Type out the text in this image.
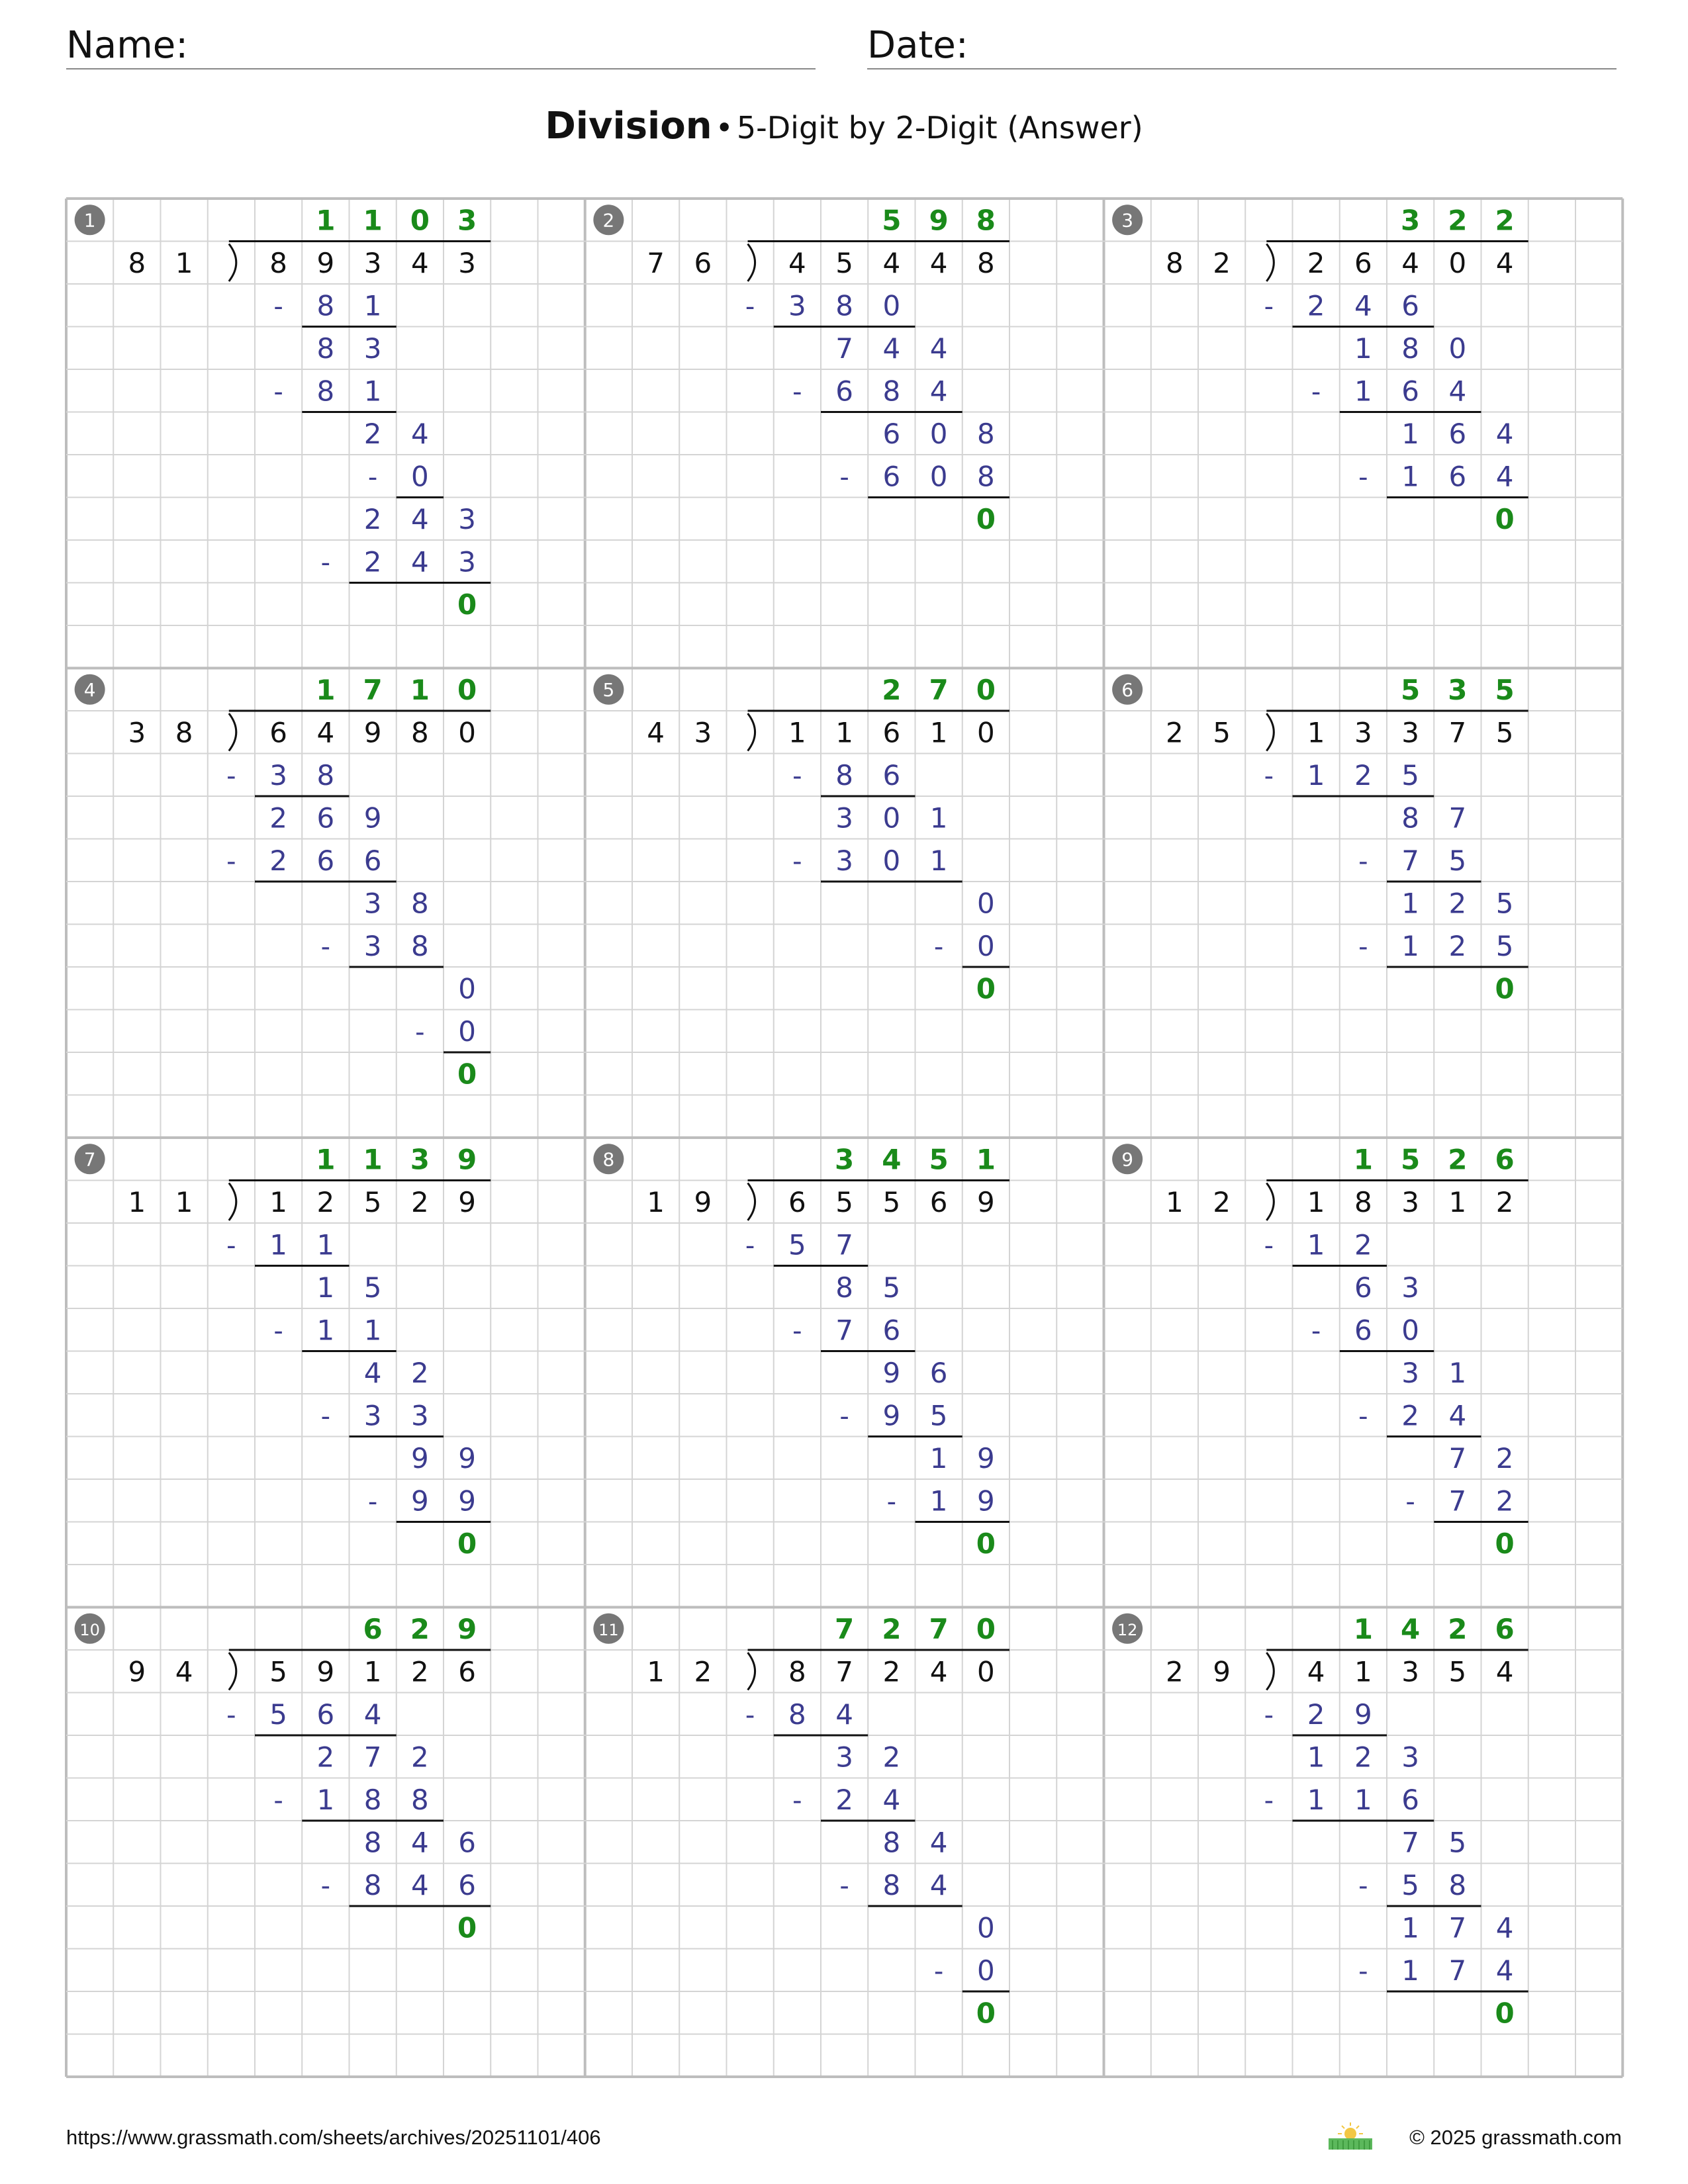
Name:	Date:
Division • 5-Digit by 2-Digit (Answer)
1	1 1 0 3
8 1	8 9 3 4 3
- 8 1
8 3
- 8 1
2 4
- 0
2 4 3
- 2 4 3
0
2	5 9 8
7 6	4 5 4 4 8
- 3 8 0
7 4 4
- 6 8 4
6 0 8
- 6 0 8
0
3	3 2 2
8 2	2 6 4 0 4
- 2 4 6
1 8 0
- 1 6 4
1 6 4
- 1 6 4
0
4	1 7 1 0
3 8	6 4 9 8 0
- 3 8
2 6 9
- 2 6 6
3 8
- 3 8
0
- 0
0
5	2 7 0
4 3	1 1 6 1 0
- 8 6
3 0 1
- 3 0 1
0
- 0
0
6	5 3 5
2 5	1 3 3 7 5
- 1 2 5
8 7
- 7 5
1 2 5
- 1 2 5
0
7	1 1 3 9
1 1	1 2 5 2 9
- 1 1
1 5
- 1 1
4 2
- 3 3
9 9
- 9 9
0
8	3 4 5 1
1 9	6 5 5 6 9
- 5 7
8 5
- 7 6
9 6
- 9 5
1 9
- 1 9
0
9	1 5 2 6
1 2	1 8 3 1 2
- 1 2
6 3
- 6 0
3 1
- 2 4
7 2
- 7 2
0
10	6 2 9
9 4	5 9 1 2 6
- 5 6 4
2 7 2
- 1 8 8
8 4 6
- 8 4 6
0
11	7 2 7 0
1 2	8 7 2 4 0
- 8 4
3 2
- 2 4
8 4
- 8 4
0
- 0
0
12	1 4 2 6
2 9	4 1 3 5 4
- 2 9
1 2 3
- 1 1 6
7 5
- 5 8
1 7 4
- 1 7 4
0
https://www.grassmath.com/sheets/archives/20251101/406	© 2025 grassmath.com
